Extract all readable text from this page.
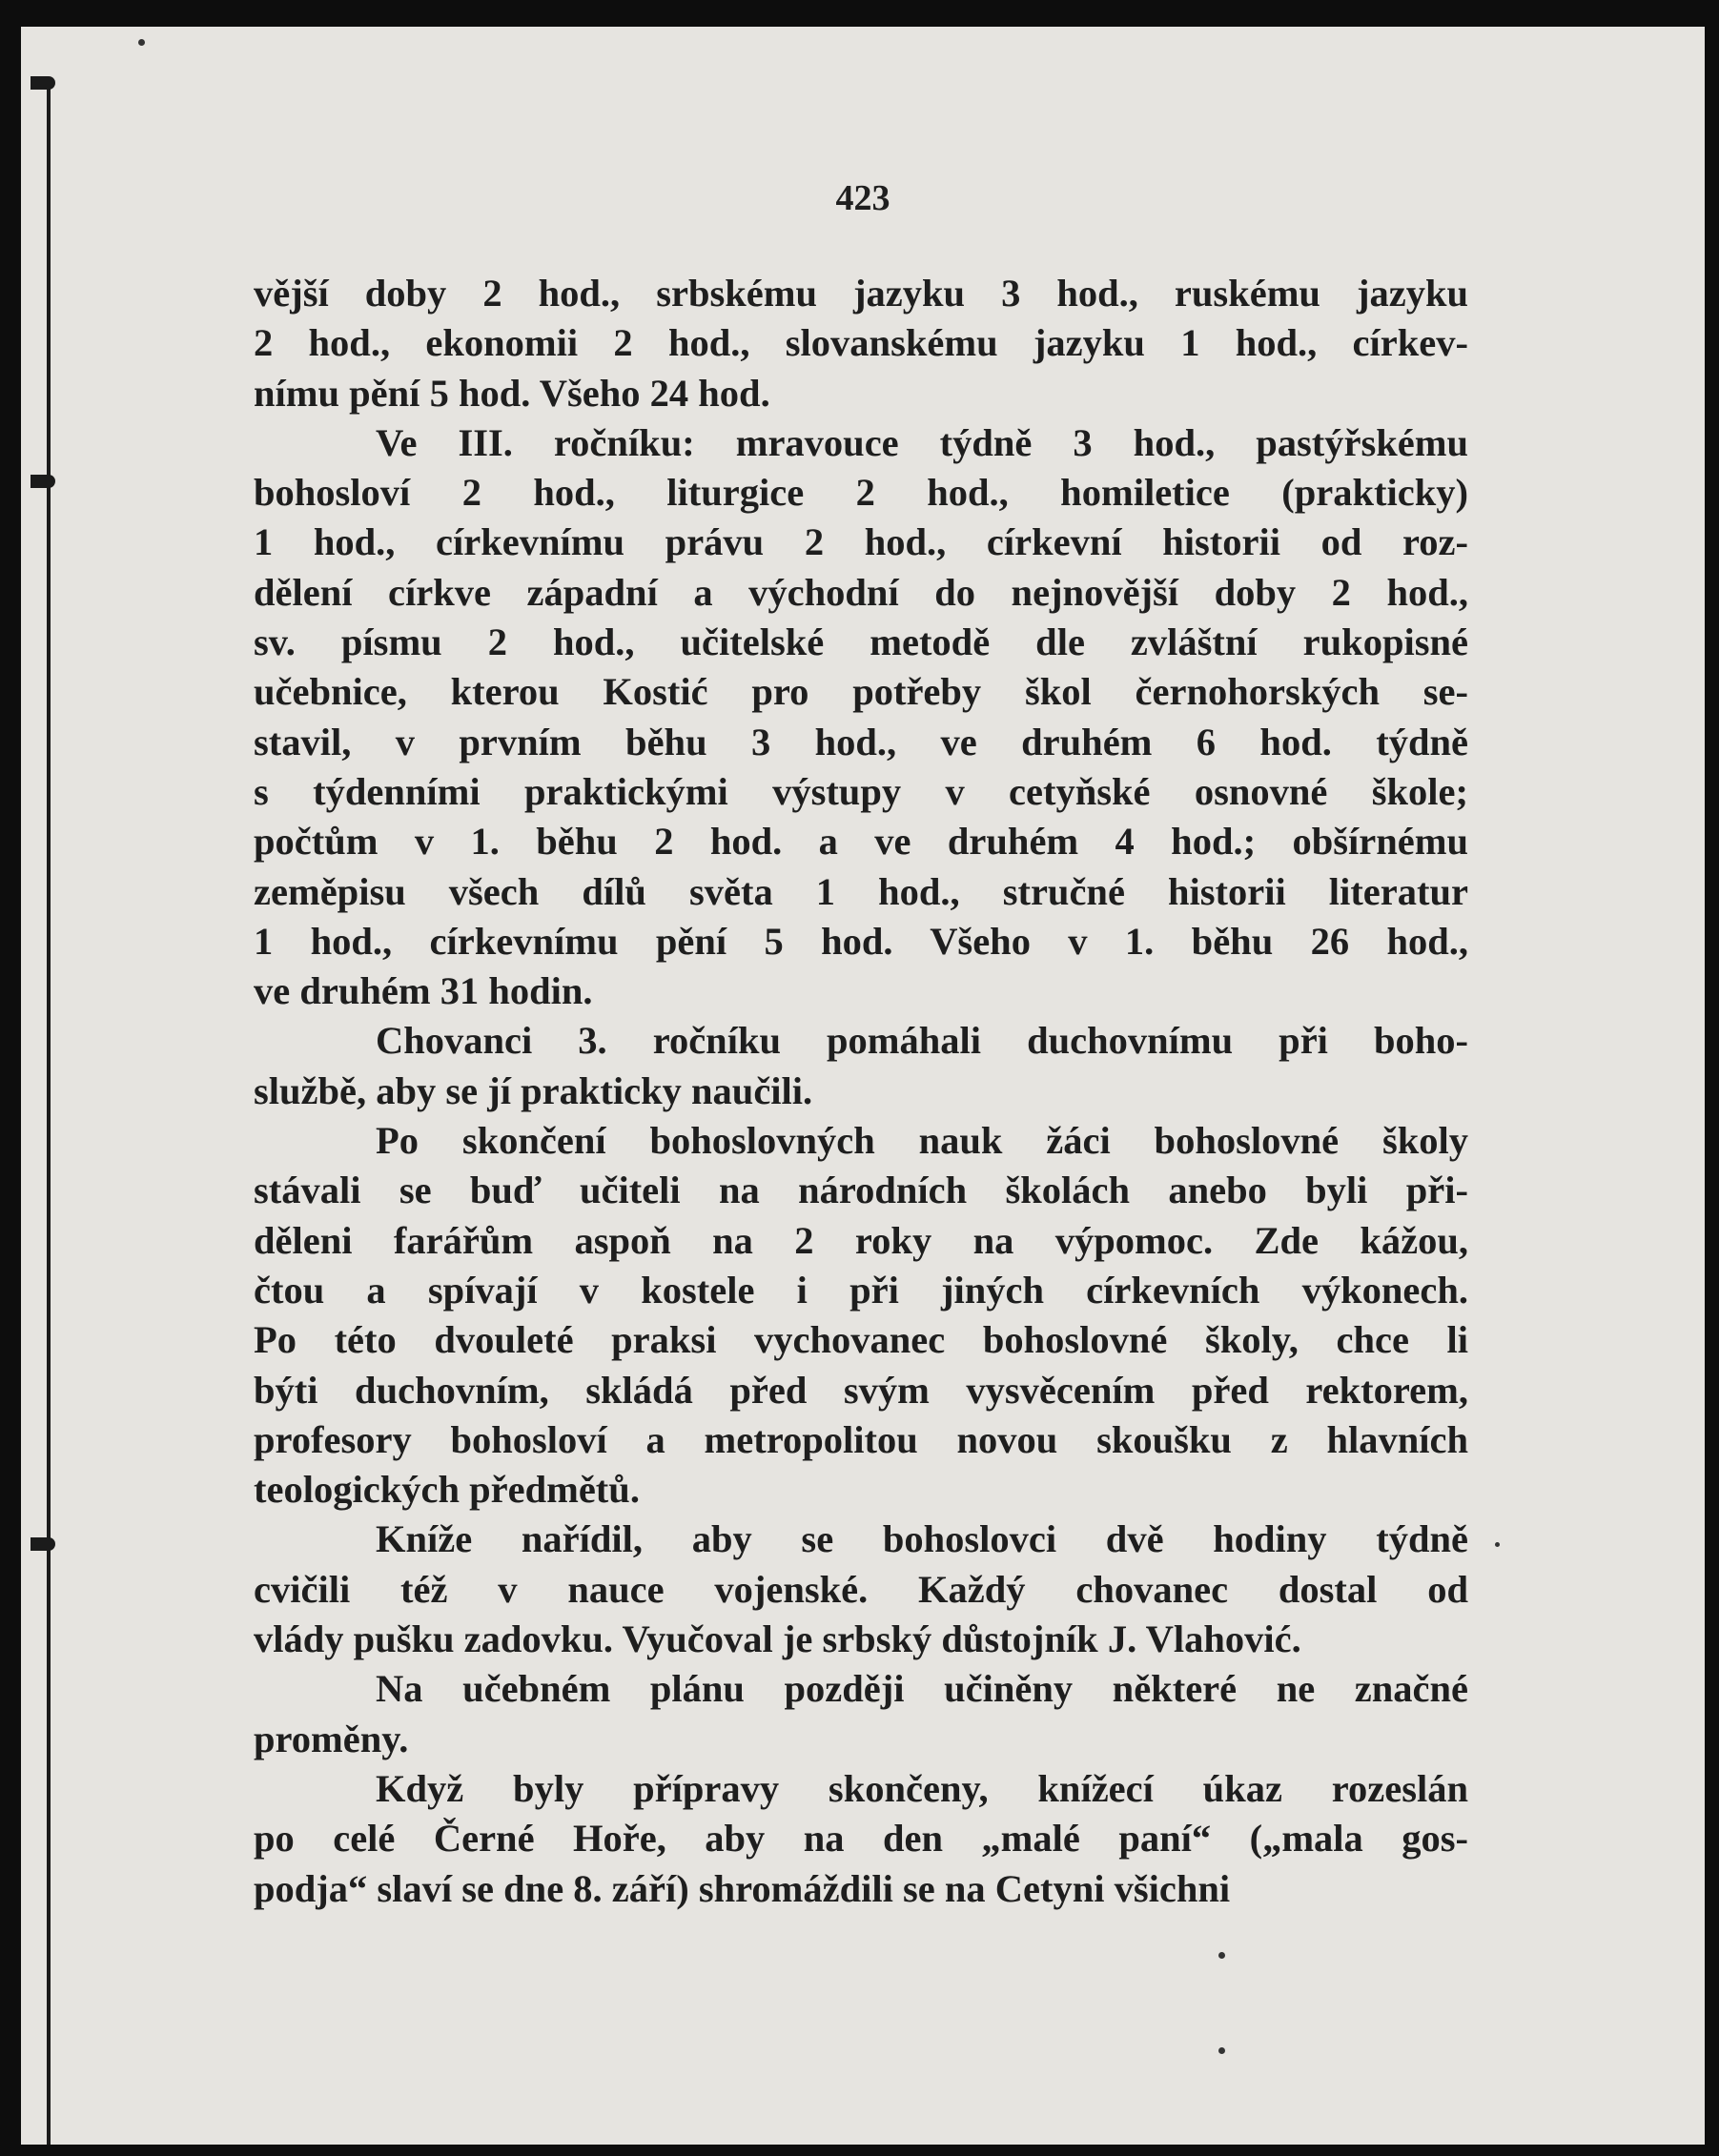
423
vější doby 2 hod., srbskému jazyku 3 hod., ruskému jazyku
2 hod., ekonomii 2 hod., slovanskému jazyku 1 hod., církev-
nímu pění 5 hod. Všeho 24 hod.
Ve III. ročníku: mravouce týdně 3 hod., pastýřskému
bohosloví 2 hod., liturgice 2 hod., homiletice (prakticky)
1 hod., církevnímu právu 2 hod., církevní historii od roz-
dělení církve západní a východní do nejnovější doby 2 hod.,
sv. písmu 2 hod., učitelské metodě dle zvláštní rukopisné
učebnice, kterou Kostić pro potřeby škol černohorských se-
stavil, v prvním běhu 3 hod., ve druhém 6 hod. týdně
s týdenními praktickými výstupy v cetyňské osnovné škole;
počtům v 1. běhu 2 hod. a ve druhém 4 hod.; obšírnému
zeměpisu všech dílů světa 1 hod., stručné historii literatur
1 hod., církevnímu pění 5 hod. Všeho v 1. běhu 26 hod.,
ve druhém 31 hodin.
Chovanci 3. ročníku pomáhali duchovnímu při boho-
službě, aby se jí prakticky naučili.
Po skončení bohoslovných nauk žáci bohoslovné školy
stávali se buď učiteli na národních školách anebo byli při-
děleni farářům aspoň na 2 roky na výpomoc. Zde kážou,
čtou a spívají v kostele i při jiných církevních výkonech.
Po této dvouleté praksi vychovanec bohoslovné školy, chce li
býti duchovním, skládá před svým vysvěcením před rektorem,
profesory bohosloví a metropolitou novou skoušku z hlavních
teologických předmětů.
Kníže nařídil, aby se bohoslovci dvě hodiny týdně
cvičili též v nauce vojenské. Každý chovanec dostal od
vlády pušku zadovku. Vyučoval je srbský důstojník J. Vlahović.
Na učebném plánu později učiněny některé ne značné
proměny.
Když byly přípravy skončeny, knížecí úkaz rozeslán
po celé Černé Hoře, aby na den „malé paní“ („mala gos-
podja“ slaví se dne 8. září) shromáždili se na Cetyni všichni
